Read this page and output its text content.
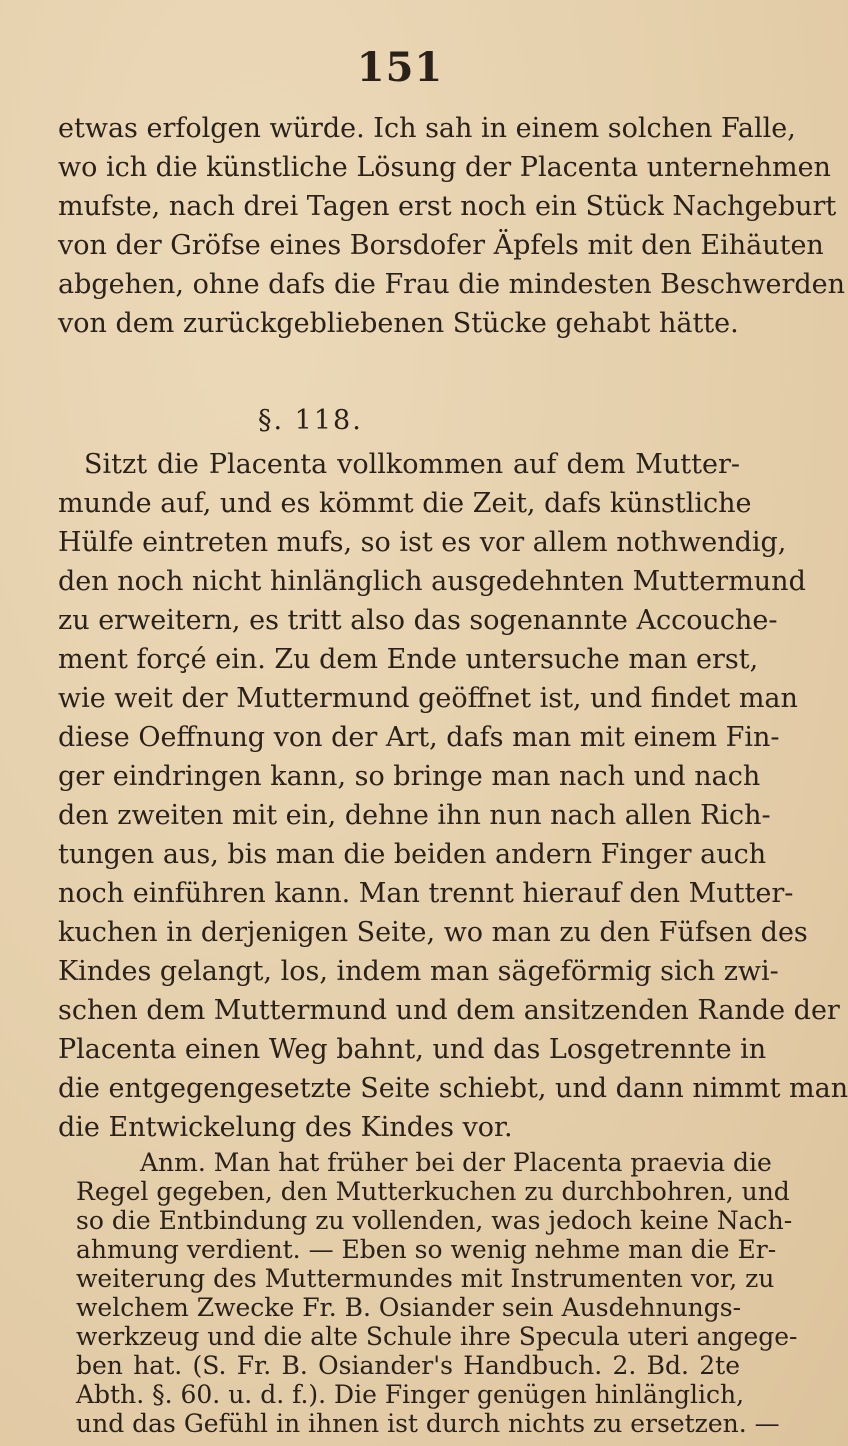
151
etwas erfolgen würde. Ich sah in einem solchen Falle,
wo ich die künstliche Lösung der Placenta unternehmen
mufste, nach drei Tagen erst noch ein Stück Nachgeburt
von der Gröfse eines Borsdofer Äpfels mit den Eihäuten
abgehen, ohne dafs die Frau die mindesten Beschwerden
von dem zurückgebliebenen Stücke gehabt hätte.
§. 118.
Sitzt die Placenta vollkommen auf dem Mutter-
munde auf, und es kömmt die Zeit, dafs künstliche
Hülfe eintreten mufs, so ist es vor allem nothwendig,
den noch nicht hinlänglich ausgedehnten Muttermund
zu erweitern, es tritt also das sogenannte Accouche-
ment forçé ein. Zu dem Ende untersuche man erst,
wie weit der Muttermund geöffnet ist, und findet man
diese Oeffnung von der Art, dafs man mit einem Fin-
ger eindringen kann, so bringe man nach und nach
den zweiten mit ein, dehne ihn nun nach allen Rich-
tungen aus, bis man die beiden andern Finger auch
noch einführen kann. Man trennt hierauf den Mutter-
kuchen in derjenigen Seite, wo man zu den Füfsen des
Kindes gelangt, los, indem man sägeförmig sich zwi-
schen dem Muttermund und dem ansitzenden Rande der
Placenta einen Weg bahnt, und das Losgetrennte in
die entgegengesetzte Seite schiebt, und dann nimmt man
die Entwickelung des Kindes vor.
Anm. Man hat früher bei der Placenta praevia die
Regel gegeben, den Mutterkuchen zu durchbohren, und
so die Entbindung zu vollenden, was jedoch keine Nach-
ahmung verdient. — Eben so wenig nehme man die Er-
weiterung des Muttermundes mit Instrumenten vor, zu
welchem Zwecke Fr. B. Osiander sein Ausdehnungs-
werkzeug und die alte Schule ihre Specula uteri angege-
ben hat. (S. Fr. B. Osiander's Handbuch. 2. Bd. 2te
Abth. §. 60. u. d. f.). Die Finger genügen hinlänglich,
und das Gefühl in ihnen ist durch nichts zu ersetzen. —
